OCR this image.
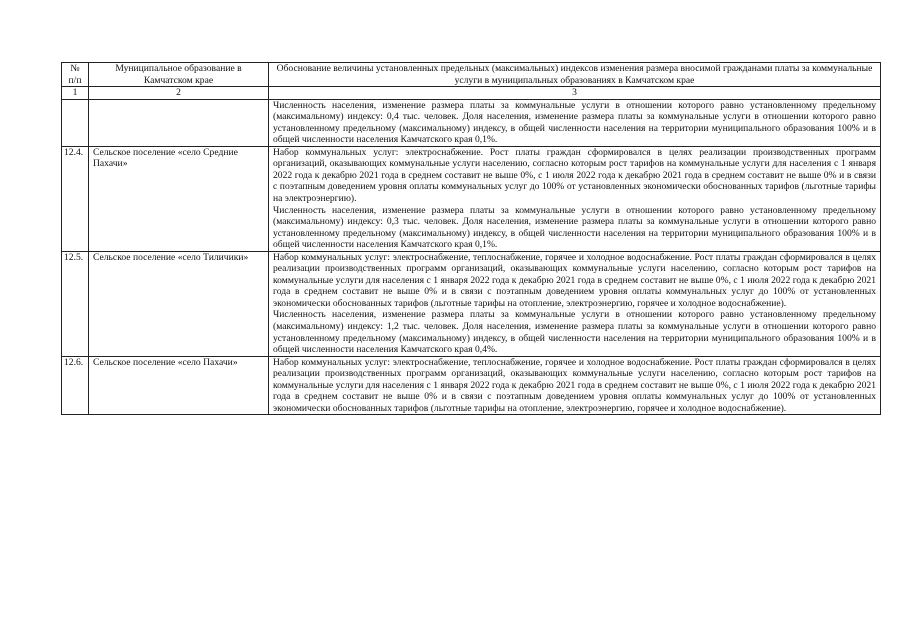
№ п/п	Муниципальное образование в Камчатском крае	Обоснование величины установленных предельных (максимальных) индексов изменения размера вносимой гражданами платы за коммунальные услуги в муниципальных образованиях в Камчатском крае
1	2	3

		Численность населения, изменение размера платы за коммунальные услуги в отношении которого равно установленному предельному (максимальному) индексу: 0,4 тыс. человек. Доля населения, изменение размера платы за коммунальные услуги в отношении которого равно установленному предельному (максимальному) индексу, в общей численности населения на территории муниципального образования 100% и в общей численности населения Камчатского края 0,1%.

12.4.	Сельское поселение «село Средние Пахачи»	Набор коммунальных услуг: электроснабжение. Рост платы граждан сформировался в целях реализации производственных программ организаций, оказывающих коммунальные услуги населению, согласно которым рост тарифов на коммунальные услуги для населения с 1 января 2022 года к декабрю 2021 года в среднем составит не выше 0%, с 1 июля 2022 года к декабрю 2021 года в среднем составит не выше 0% и в связи с поэтапным доведением уровня оплаты коммунальных услуг до 100% от установленных экономически обоснованных тарифов (льготные тарифы на электроэнергию).
Численность населения, изменение размера платы за коммунальные услуги в отношении которого равно установленному предельному (максимальному) индексу: 0,3 тыс. человек. Доля населения, изменение размера платы за коммунальные услуги в отношении которого равно установленному предельному (максимальному) индексу, в общей численности населения на территории муниципального образования 100% и в общей численности населения Камчатского края 0,1%.

12.5.	Сельское поселение «село Тиличики»	Набор коммунальных услуг: электроснабжение, теплоснабжение, горячее и холодное водоснабжение. Рост платы граждан сформировался в целях реализации производственных программ организаций, оказывающих коммунальные услуги населению, согласно которым рост тарифов на коммунальные услуги для населения с 1 января 2022 года к декабрю 2021 года в среднем составит не выше 0%, с 1 июля 2022 года к декабрю 2021 года в среднем составит не выше 0% и в связи с поэтапным доведением уровня оплаты коммунальных услуг до 100% от установленных экономически обоснованных тарифов (льготные тарифы на отопление, электроэнергию, горячее и холодное водоснабжение).
Численность населения, изменение размера платы за коммунальные услуги в отношении которого равно установленному предельному (максимальному) индексу: 1,2 тыс. человек. Доля населения, изменение размера платы за коммунальные услуги в отношении которого равно установленному предельному (максимальному) индексу, в общей численности населения на территории муниципального образования 100% и в общей численности населения Камчатского края 0,4%.

12.6.	Сельское поселение «село Пахачи»	Набор коммунальных услуг: электроснабжение, теплоснабжение, горячее и холодное водоснабжение. Рост платы граждан сформировался в целях реализации производственных программ организаций, оказывающих коммунальные услуги населению, согласно которым рост тарифов на коммунальные услуги для населения с 1 января 2022 года к декабрю 2021 года в среднем составит не выше 0%, с 1 июля 2022 года к декабрю 2021 года в среднем составит не выше 0% и в связи с поэтапным доведением уровня оплаты коммунальных услуг до 100% от установленных экономически обоснованных тарифов (льготные тарифы на отопление, электроэнергию, горячее и холодное водоснабжение).
